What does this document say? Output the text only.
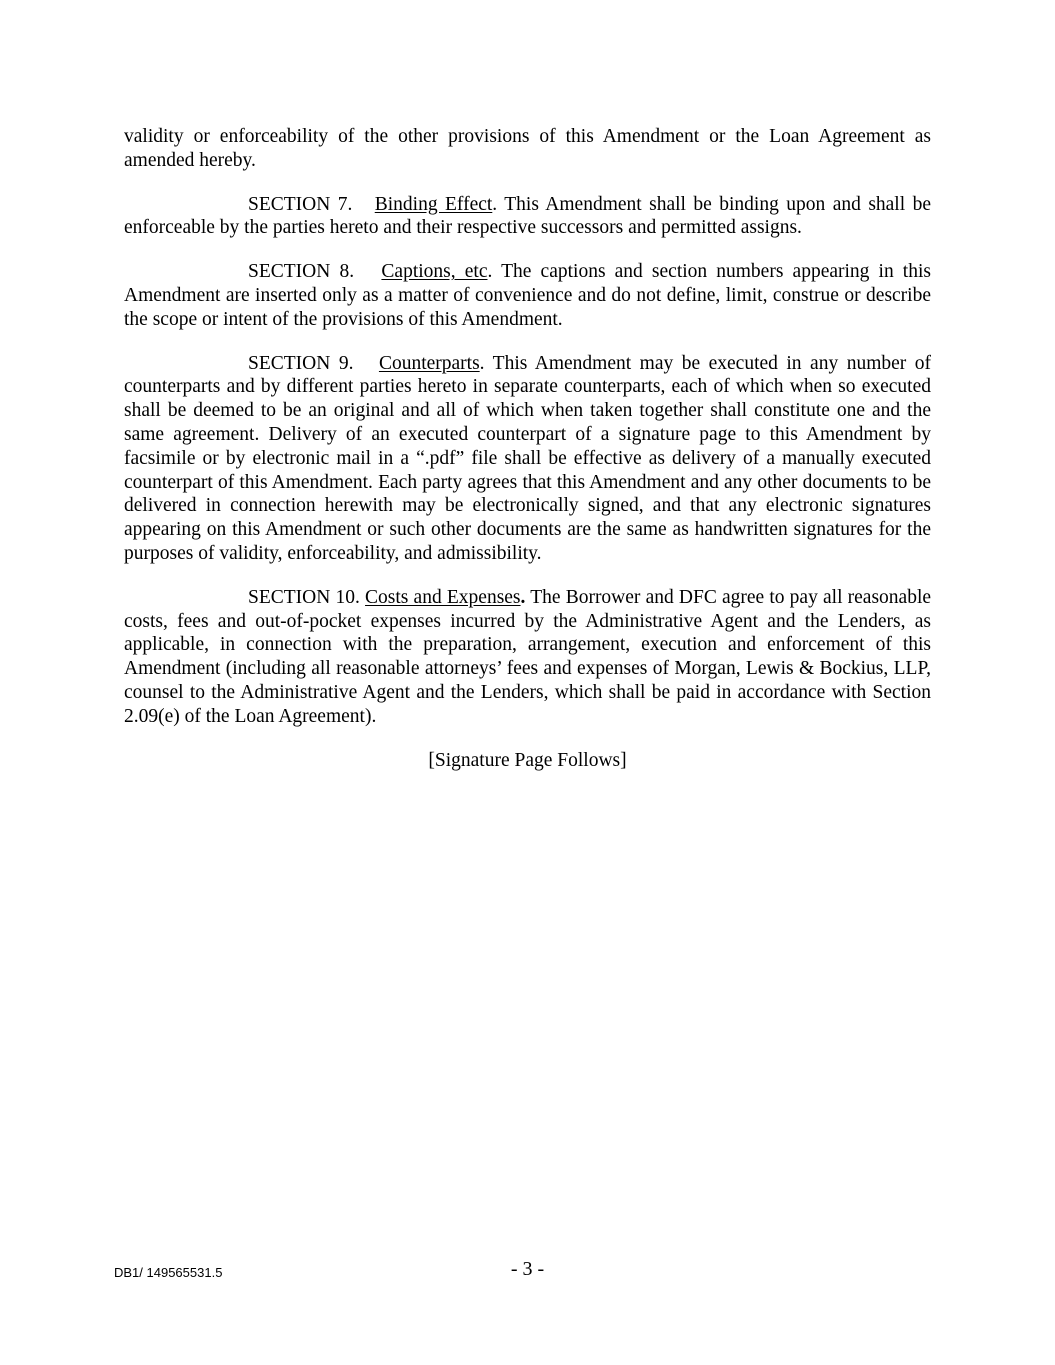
validity or enforceability of the other provisions of this Amendment or the Loan Agreement as amended hereby.

SECTION 7. Binding Effect. This Amendment shall be binding upon and shall be enforceable by the parties hereto and their respective successors and permitted assigns.

SECTION 8. Captions, etc. The captions and section numbers appearing in this Amendment are inserted only as a matter of convenience and do not define, limit, construe or describe the scope or intent of the provisions of this Amendment.

SECTION 9. Counterparts. This Amendment may be executed in any number of counterparts and by different parties hereto in separate counterparts, each of which when so executed shall be deemed to be an original and all of which when taken together shall constitute one and the same agreement. Delivery of an executed counterpart of a signature page to this Amendment by facsimile or by electronic mail in a “.pdf” file shall be effective as delivery of a manually executed counterpart of this Amendment. Each party agrees that this Amendment and any other documents to be delivered in connection herewith may be electronically signed, and that any electronic signatures appearing on this Amendment or such other documents are the same as handwritten signatures for the purposes of validity, enforceability, and admissibility.

SECTION 10. Costs and Expenses. The Borrower and DFC agree to pay all reasonable costs, fees and out-of-pocket expenses incurred by the Administrative Agent and the Lenders, as applicable, in connection with the preparation, arrangement, execution and enforcement of this Amendment (including all reasonable attorneys’ fees and expenses of Morgan, Lewis & Bockius, LLP, counsel to the Administrative Agent and the Lenders, which shall be paid in accordance with Section 2.09(e) of the Loan Agreement).

[Signature Page Follows]

DB1/ 149565531.5	- 3 -
